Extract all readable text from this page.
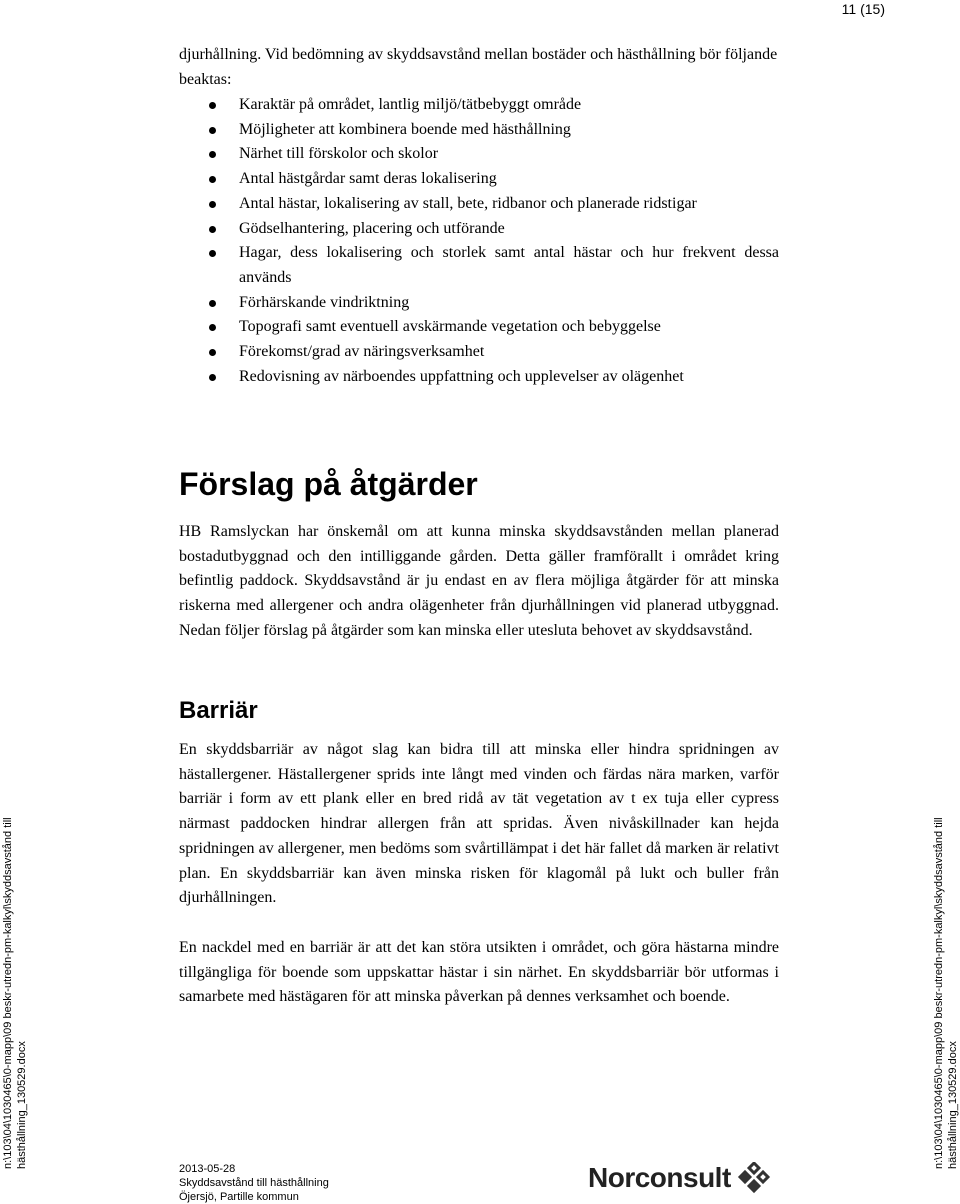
11 (15)

djurhållning. Vid bedömning av skyddsavstånd mellan bostäder och hästhållning bör följande beaktas:

Karaktär på området, lantlig miljö/tätbebyggt område
Möjligheter att kombinera boende med hästhållning
Närhet till förskolor och skolor
Antal hästgårdar samt deras lokalisering
Antal hästar, lokalisering av stall, bete, ridbanor och planerade ridstigar
Gödselhantering, placering och utförande
Hagar, dess lokalisering och storlek samt antal hästar och hur frekvent dessa används
Förhärskande vindriktning
Topografi samt eventuell avskärmande vegetation och bebyggelse
Förekomst/grad av näringsverksamhet
Redovisning av närboendes uppfattning och upplevelser av olägenhet
Förslag på åtgärder

HB Ramslyckan har önskemål om att kunna minska skyddsavstånden mellan planerad bostadutbyggnad och den intilliggande gården. Detta gäller framförallt i området kring befintlig paddock. Skyddsavstånd är ju endast en av flera möjliga åtgärder för att minska riskerna med allergener och andra olägenheter från djurhållningen vid planerad utbyggnad. Nedan följer förslag på åtgärder som kan minska eller utesluta behovet av skyddsavstånd.

Barriär

En skyddsbarriär av något slag kan bidra till att minska eller hindra spridningen av hästallergener. Hästallergener sprids inte långt med vinden och färdas nära marken, varför barriär i form av ett plank eller en bred ridå av tät vegetation av t ex tuja eller cypress närmast paddocken hindrar allergen från att spridas. Även nivåskillnader kan hejda spridningen av allergener, men bedöms som svårtillämpat i det här fallet då marken är relativt plan. En skyddsbarriär kan även minska risken för klagomål på lukt och buller från djurhållningen.

En nackdel med en barriär är att det kan störa utsikten i området, och göra hästarna mindre tillgängliga för boende som uppskattar hästar i sin närhet. En skyddsbarriär bör utformas i samarbete med hästägaren för att minska påverkan på dennes verksamhet och boende.

n:\103\04\1030465\0-mapp\09 beskr-utredn-pm-kalkyl\skyddsavstånd till hästhållning_130529.docx	n:\103\04\1030465\0-mapp\09 beskr-utredn-pm-kalkyl\skyddsavstånd till hästhållning_130529.docx
2013-05-28
Skyddsavstånd till hästhållning
Öjersjö, Partille kommun
Norconsult
